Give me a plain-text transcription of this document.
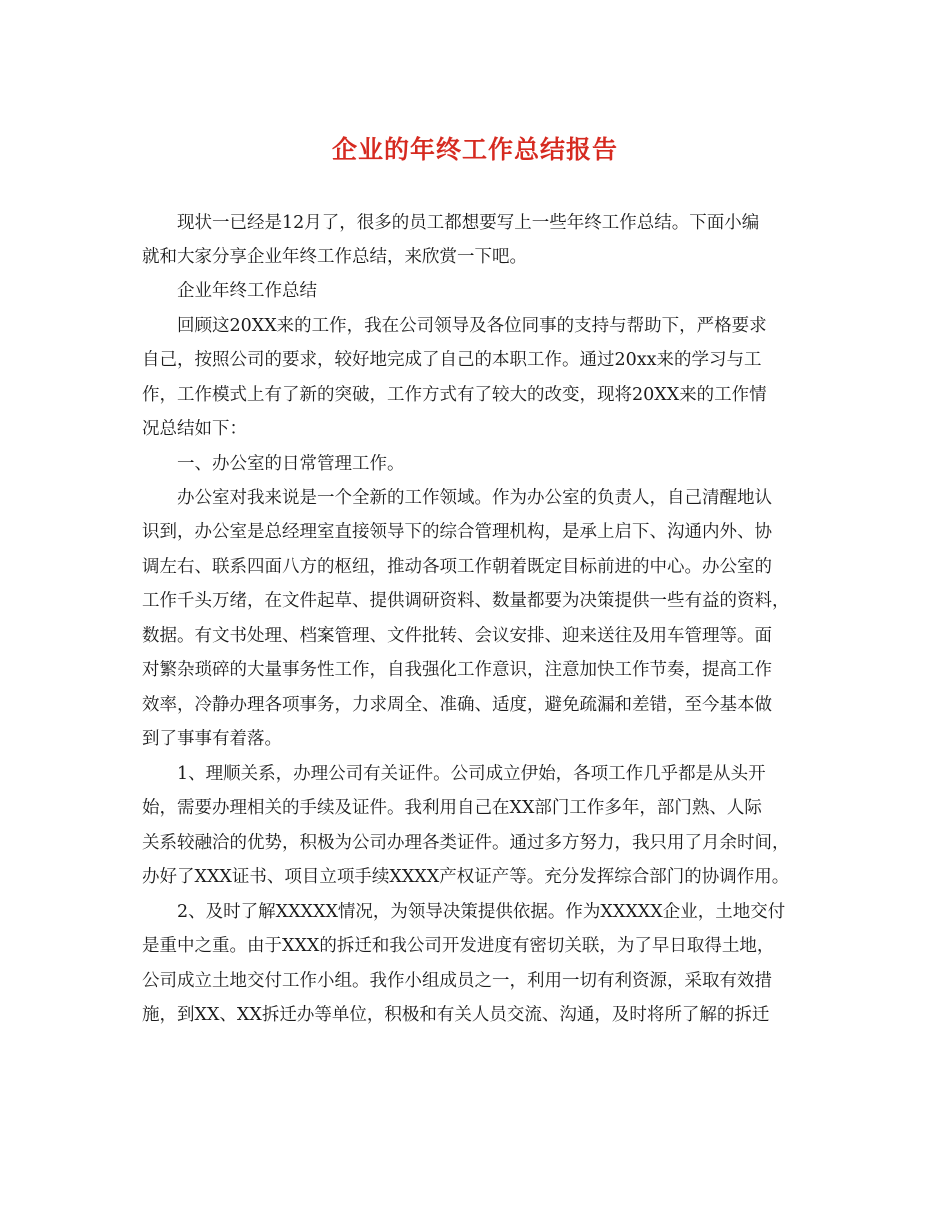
企业的年终工作总结报告
现状一已经是12月了，很多的员工都想要写上一些年终工作总结。下面小编
就和大家分享企业年终工作总结，来欣赏一下吧。
企业年终工作总结
回顾这20XX来的工作，我在公司领导及各位同事的支持与帮助下，严格要求
自己，按照公司的要求，较好地完成了自己的本职工作。通过20xx来的学习与工
作，工作模式上有了新的突破，工作方式有了较大的改变，现将20XX来的工作情
况总结如下：
一、办公室的日常管理工作。
办公室对我来说是一个全新的工作领域。作为办公室的负责人，自己清醒地认
识到，办公室是总经理室直接领导下的综合管理机构，是承上启下、沟通内外、协
调左右、联系四面八方的枢纽，推动各项工作朝着既定目标前进的中心。办公室的
工作千头万绪，在文件起草、提供调研资料、数量都要为决策提供一些有益的资料，
数据。有文书处理、档案管理、文件批转、会议安排、迎来送往及用车管理等。面
对繁杂琐碎的大量事务性工作，自我强化工作意识，注意加快工作节奏，提高工作
效率，冷静办理各项事务，力求周全、准确、适度，避免疏漏和差错，至今基本做
到了事事有着落。
1、理顺关系，办理公司有关证件。公司成立伊始，各项工作几乎都是从头开
始，需要办理相关的手续及证件。我利用自己在XX部门工作多年，部门熟、人际
关系较融洽的优势，积极为公司办理各类证件。通过多方努力，我只用了月余时间，
办好了XXX证书、项目立项手续XXXX产权证产等。充分发挥综合部门的协调作用。
2、及时了解XXXXX情况，为领导决策提供依据。作为XXXXX企业，土地交付
是重中之重。由于XXX的拆迁和我公司开发进度有密切关联，为了早日取得土地，
公司成立土地交付工作小组。我作小组成员之一，利用一切有利资源，采取有效措
施，到XX、XX拆迁办等单位，积极和有关人员交流、沟通，及时将所了解的拆迁
